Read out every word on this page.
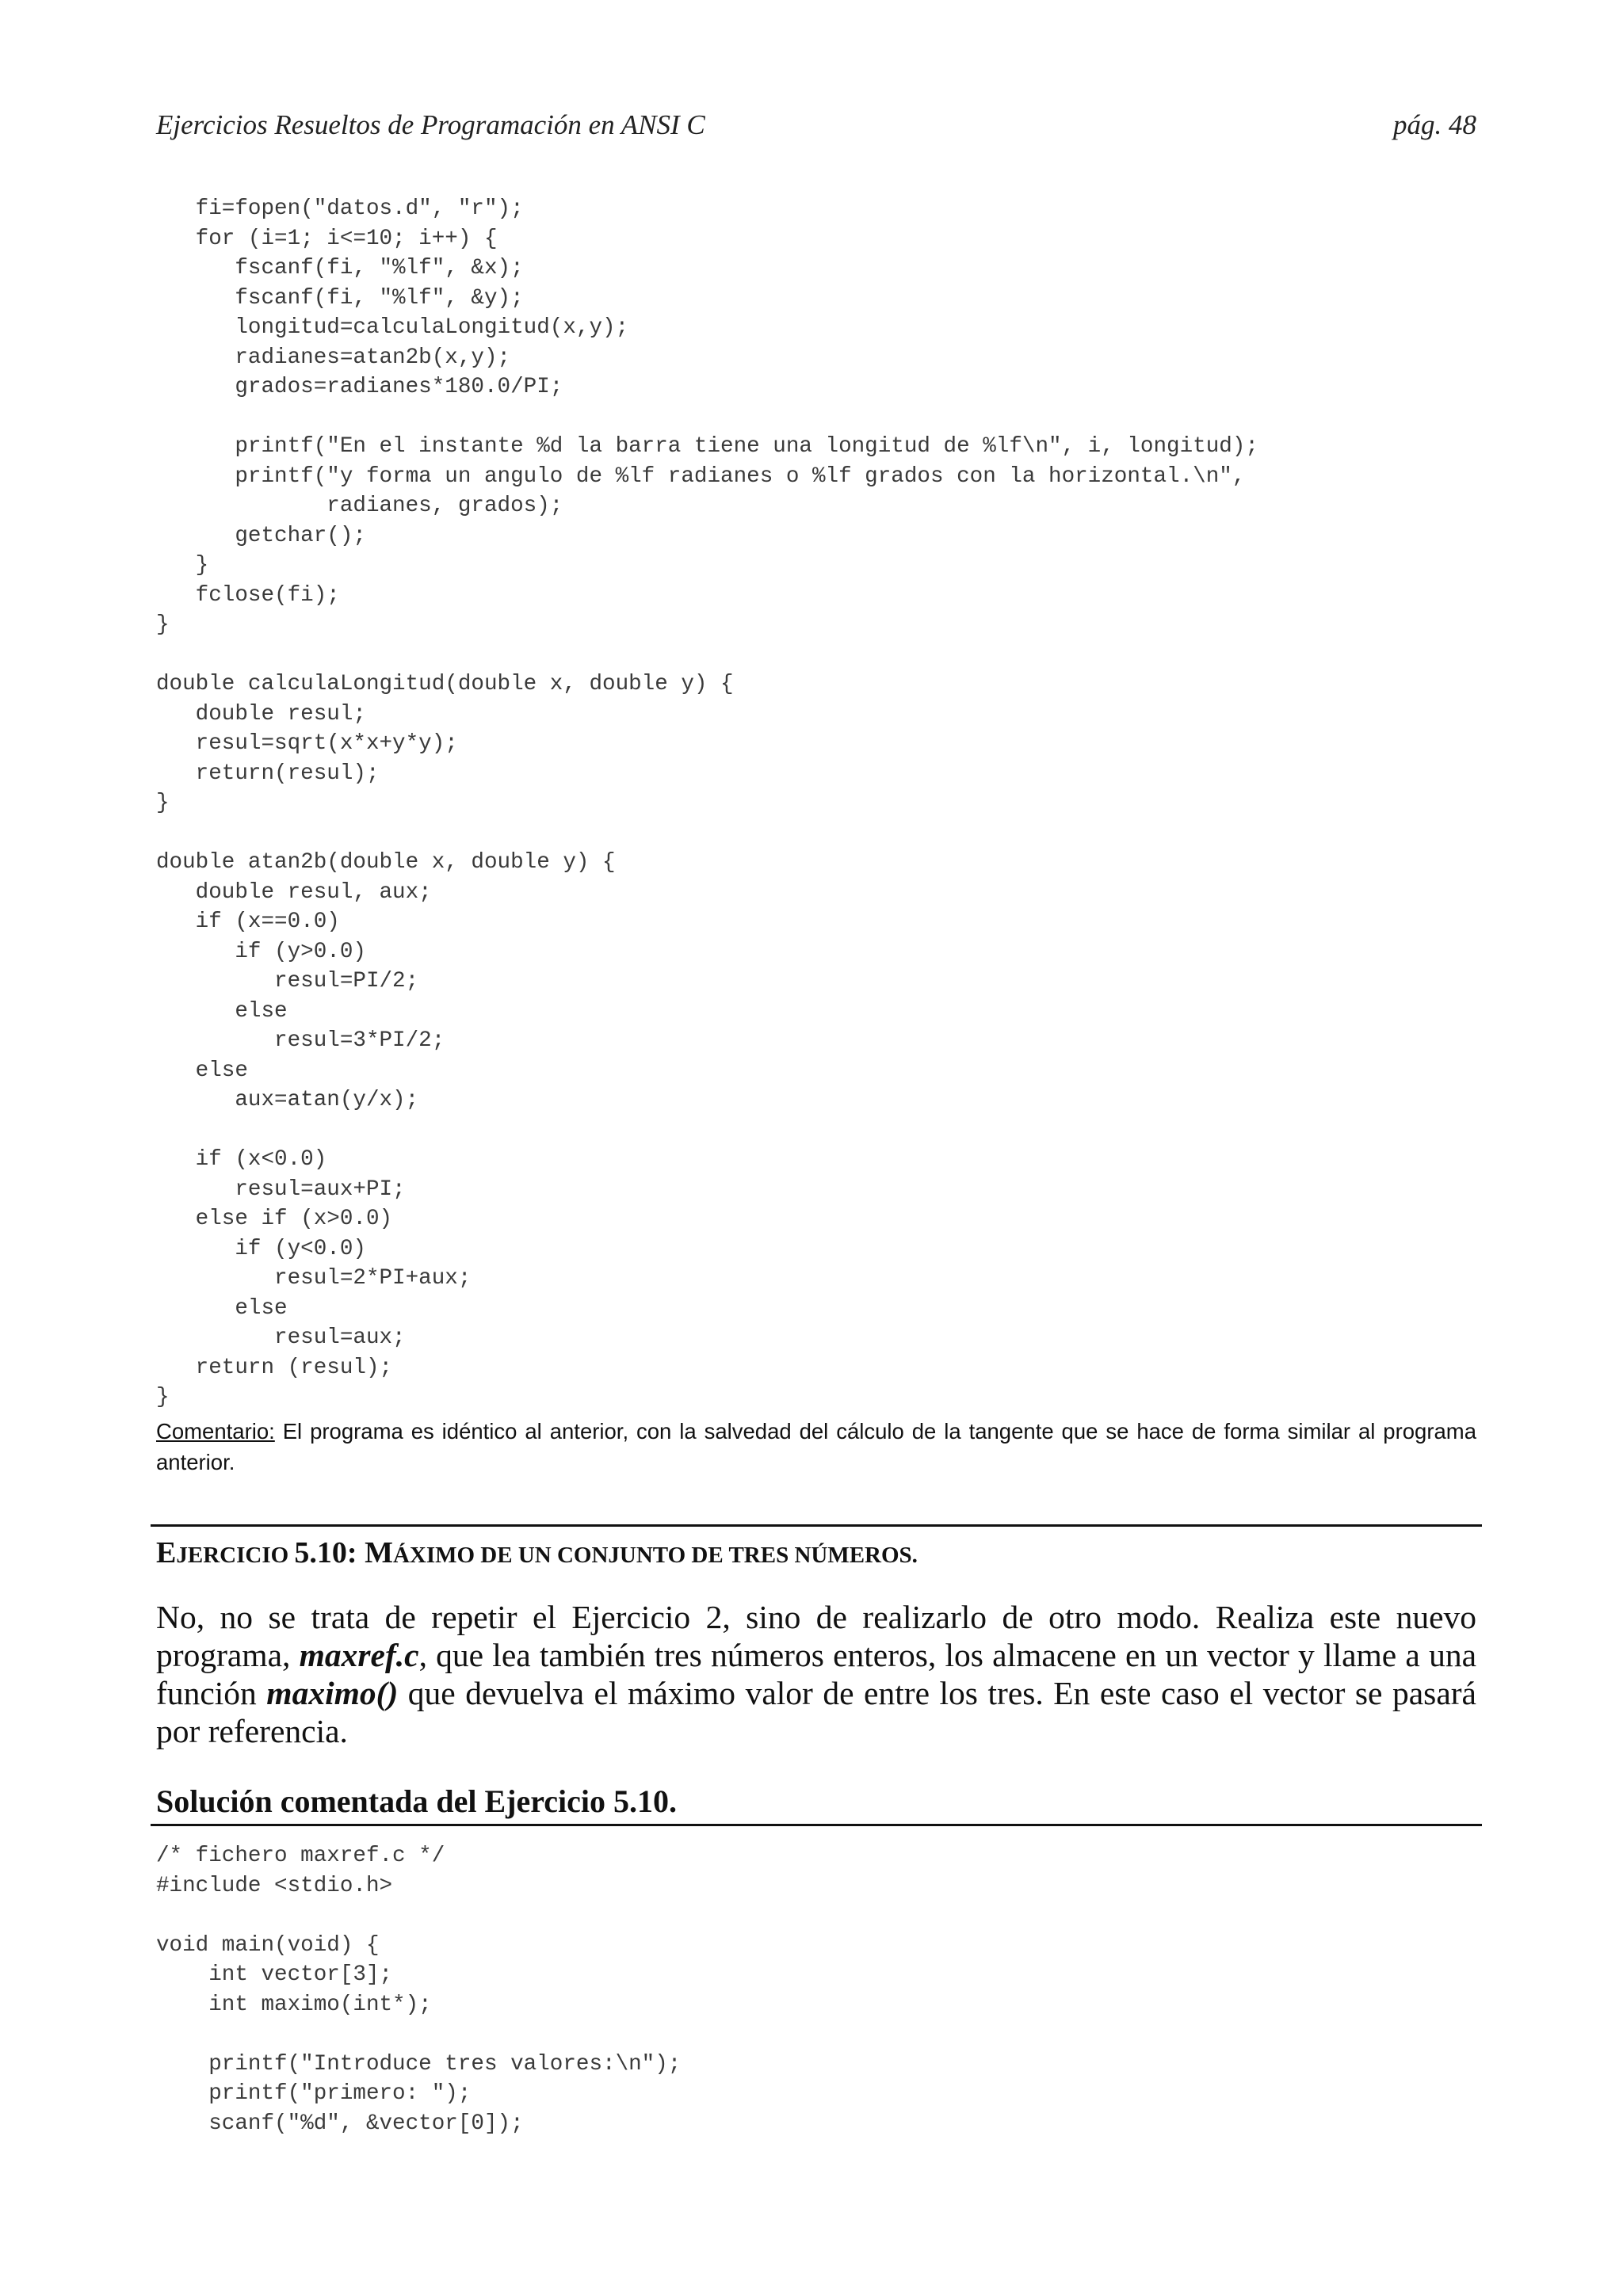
Ejercicios Resueltos de Programación en ANSI C	pág. 48
fi=fopen("datos.d", "r");
for (i=1; i<=10; i++) {
fscanf(fi, "%lf", &x);
fscanf(fi, "%lf", &y);
longitud=calculaLongitud(x,y);
radianes=atan2b(x,y);
grados=radianes*180.0/PI;

printf("En el instante %d la barra tiene una longitud de %lf\n", i, longitud);
printf("y forma un angulo de %lf radianes o %lf grados con la horizontal.\n",
radianes, grados);
getchar();
}
fclose(fi);
}

double calculaLongitud(double x, double y) {
double resul;
resul=sqrt(x*x+y*y);
return(resul);
}

double atan2b(double x, double y) {
double resul, aux;
if (x==0.0)
if (y>0.0)
resul=PI/2;
else
resul=3*PI/2;
else
aux=atan(y/x);

if (x<0.0)
resul=aux+PI;
else if (x>0.0)
if (y<0.0)
resul=2*PI+aux;
else
resul=aux;
return (resul);
}
Comentario: El programa es idéntico al anterior, con la salvedad del cálculo de la tangente que se hace de forma similar al programa anterior.
EJERCICIO 5.10: MÁXIMO DE UN CONJUNTO DE TRES NÚMEROS.
No, no se trata de repetir el Ejercicio 2, sino de realizarlo de otro modo. Realiza este nuevo programa, maxref.c, que lea también tres números enteros, los almacene en un vector y llame a una función maximo() que devuelva el máximo valor de entre los tres. En este caso el vector se pasará por referencia.
Solución comentada del Ejercicio 5.10.
/* fichero maxref.c */
#include <stdio.h>

void main(void) {
int vector[3];
int maximo(int*);

printf("Introduce tres valores:\n");
printf("primero: ");
scanf("%d", &vector[0]);
